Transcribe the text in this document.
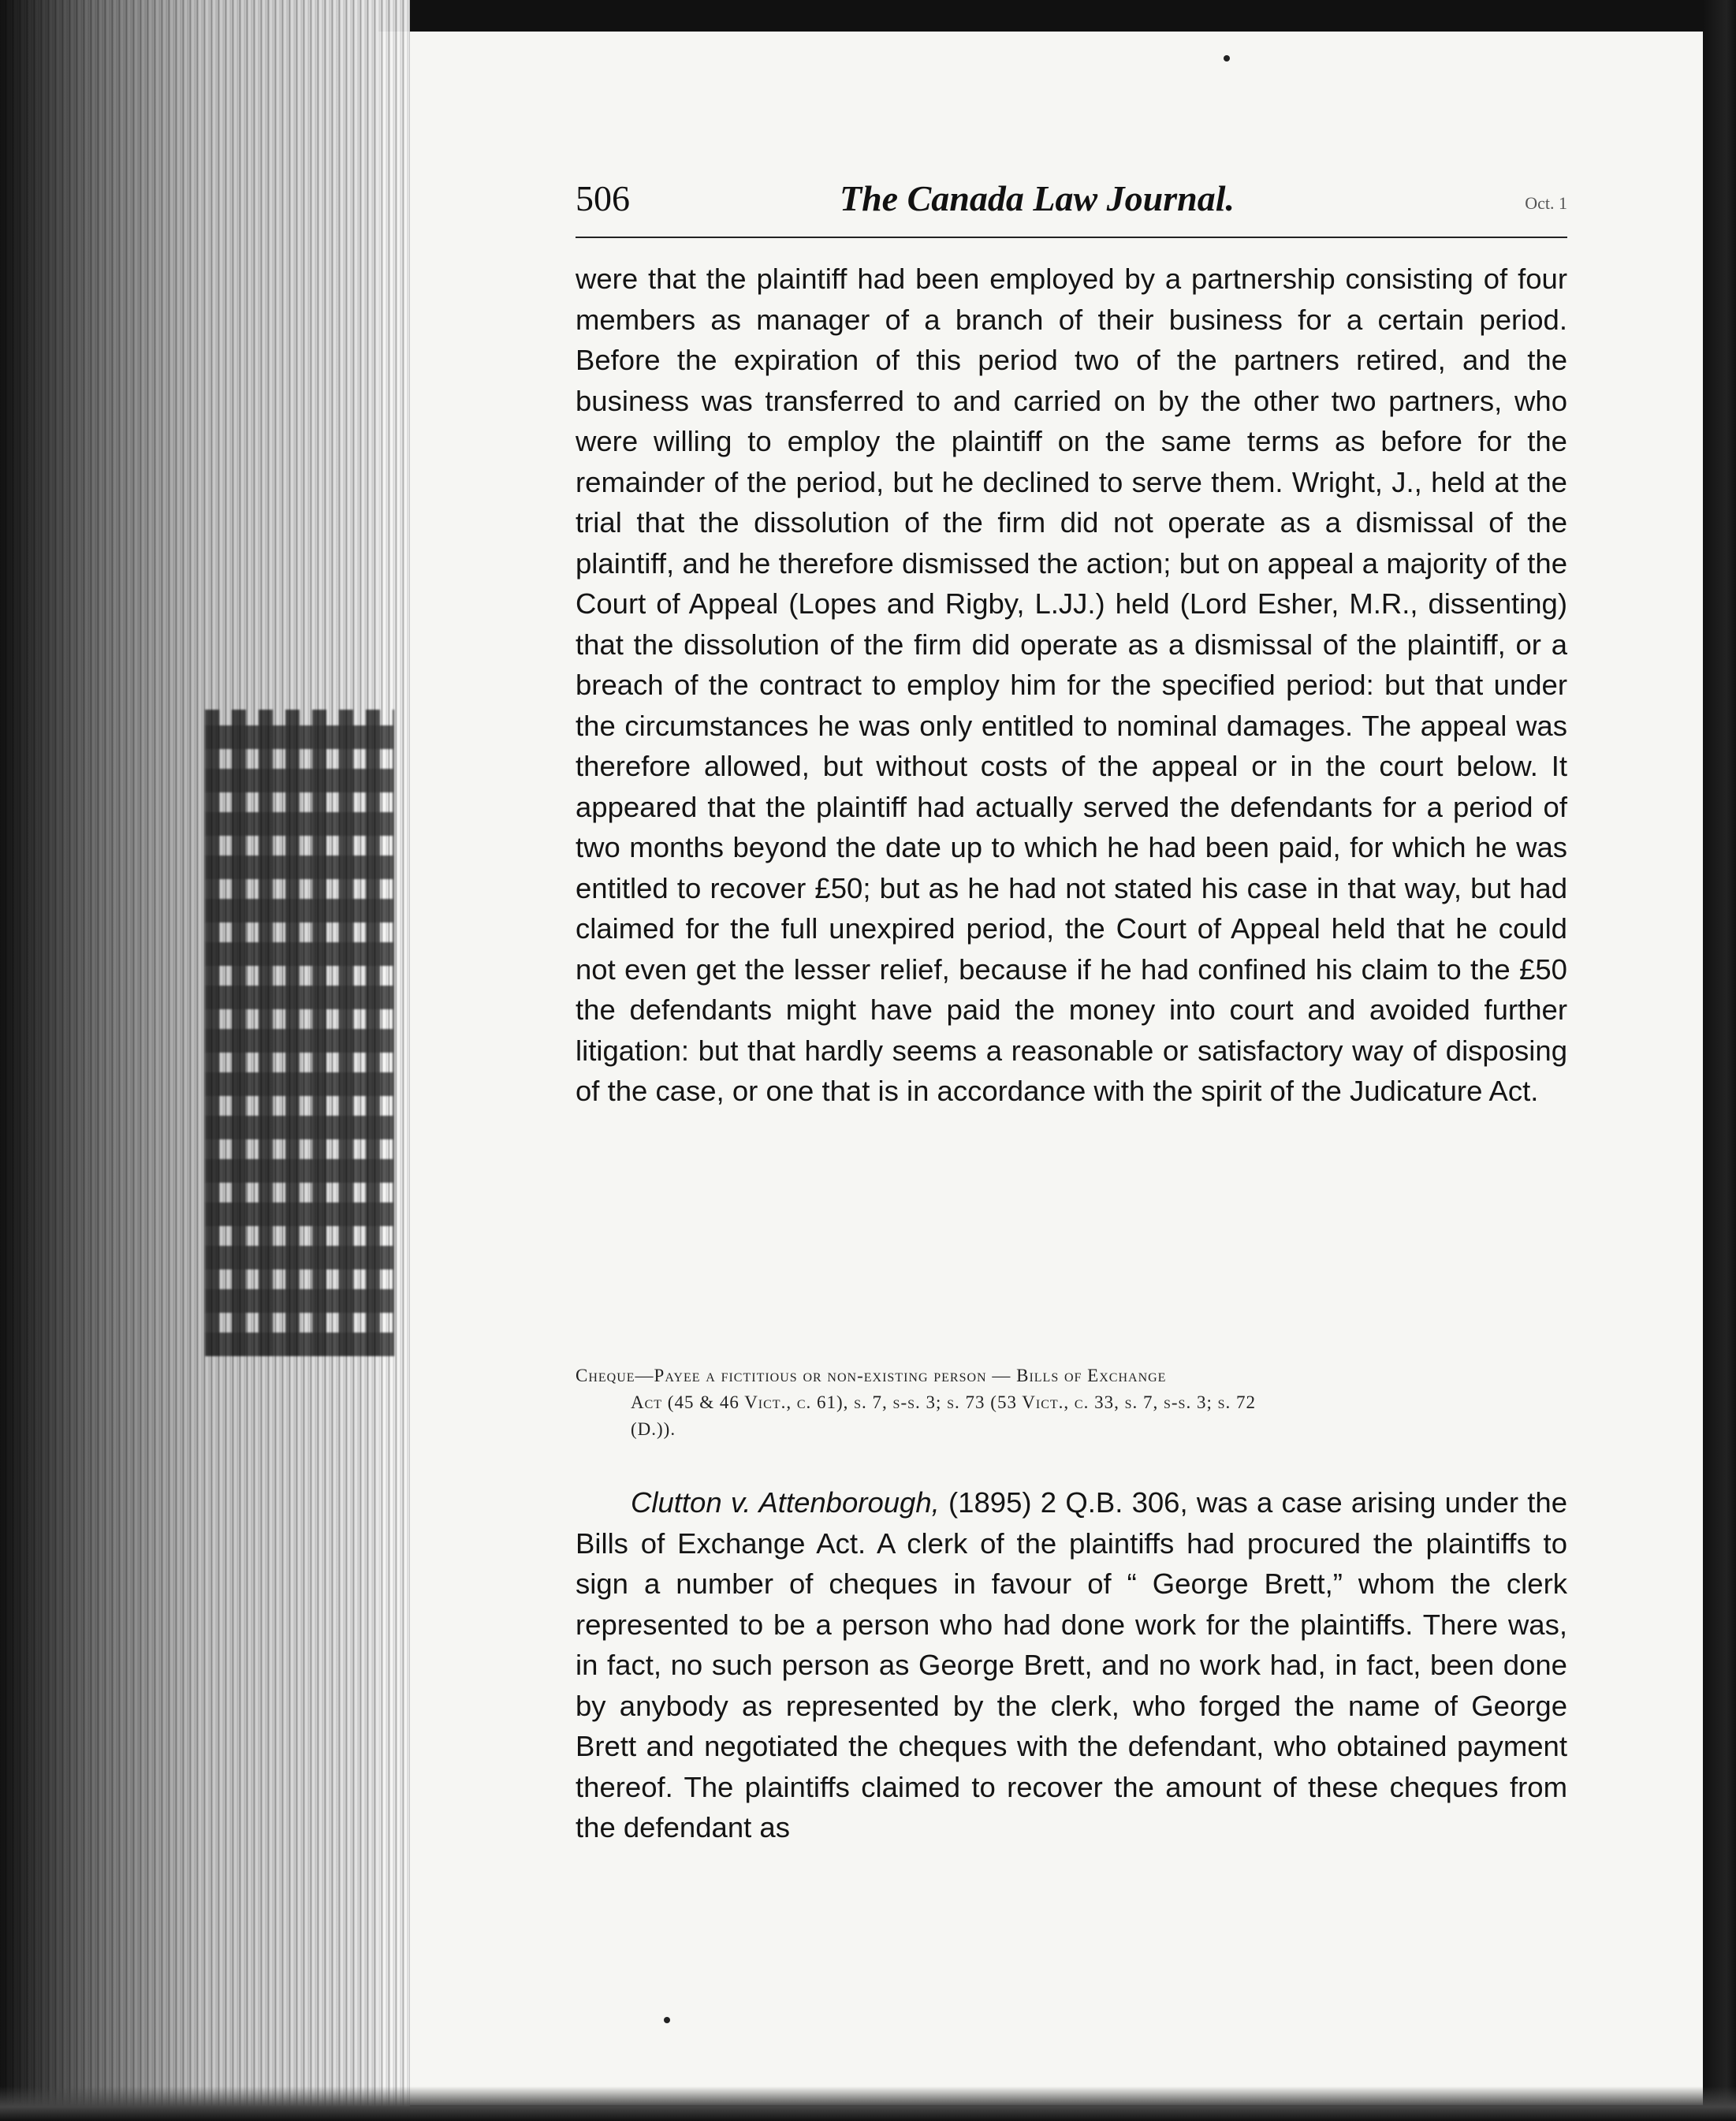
506	The Canada Law Journal.	Oct. 1

were that the plaintiff had been employed by a partnership consisting of four members as manager of a branch of their business for a certain period. Before the expiration of this period two of the partners retired, and the business was transferred to and carried on by the other two partners, who were willing to employ the plaintiff on the same terms as before for the remainder of the period, but he declined to serve them. Wright, J., held at the trial that the dissolution of the firm did not operate as a dismissal of the plaintiff, and he therefore dismissed the action; but on appeal a majority of the Court of Appeal (Lopes and Rigby, L.JJ.) held (Lord Esher, M.R., dissenting) that the dissolution of the firm did operate as a dismissal of the plaintiff, or a breach of the contract to employ him for the specified period: but that under the circumstances he was only entitled to nominal damages. The appeal was therefore allowed, but without costs of the appeal or in the court below. It appeared that the plaintiff had actually served the defendants for a period of two months beyond the date up to which he had been paid, for which he was entitled to recover £50; but as he had not stated his case in that way, but had claimed for the full unexpired period, the Court of Appeal held that he could not even get the lesser relief, because if he had confined his claim to the £50 the defendants might have paid the money into court and avoided further litigation: but that hardly seems a reasonable or satisfactory way of disposing of the case, or one that is in accordance with the spirit of the Judicature Act.

Cheque—Payee a fictitious or non-existing person — Bills of Exchange

Act (45 & 46 Vict., c. 61), s. 7, s-s. 3; s. 73 (53 Vict., c. 33, s. 7, s-s. 3; s. 72

(D.)).

Clutton v. Attenborough, (1895) 2 Q.B. 306, was a case arising under the Bills of Exchange Act. A clerk of the plaintiffs had procured the plaintiffs to sign a number of cheques in favour of “ George Brett,” whom the clerk represented to be a person who had done work for the plaintiffs. There was, in fact, no such person as George Brett, and no work had, in fact, been done by anybody as represented by the clerk, who forged the name of George Brett and negotiated the cheques with the defendant, who obtained payment thereof. The plaintiffs claimed to recover the amount of these cheques from the defendant as
